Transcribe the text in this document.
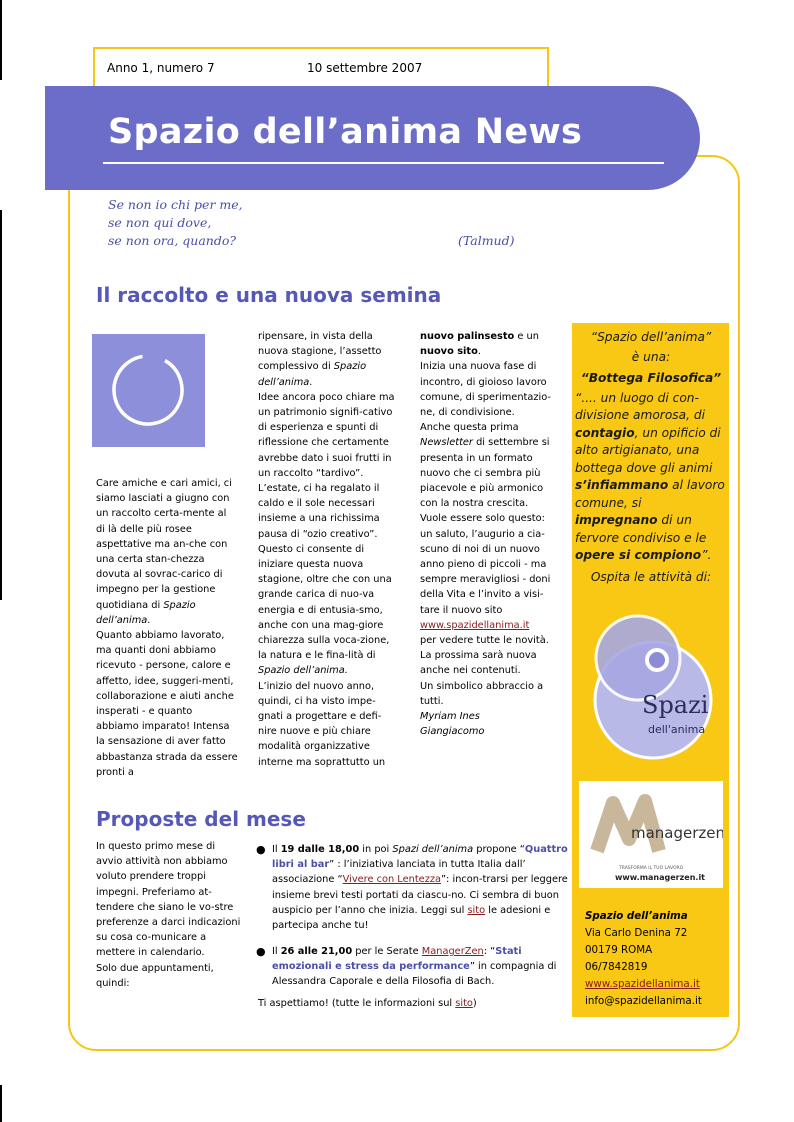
Anno 1, numero 7	10 settembre 2007
Spazio dell’anima News
Se non io chi per me,
se non qui dove,
se non ora, quando?	(Talmud)
Il raccolto e una nuova semina

Care amiche e cari amici, ci siamo lasciati a giugno con un raccolto certa-mente al di là delle più rosee aspettative ma an-che con una certa stan-chezza dovuta al sovrac-carico di impegno per la gestione quotidiana di Spazio dell’anima.

Quanto abbiamo lavorato, ma quanti doni abbiamo ricevuto - persone, calore e affetto, idee, suggeri-menti, collaborazione e aiuti anche insperati - e quanto abbiamo imparato! Intensa la sensazione di aver fatto abbastanza strada da essere pronti a

ripensare, in vista della nuova stagione, l’assetto complessivo di Spazio dell’anima.

Idee ancora poco chiare ma un patrimonio signifi-cativo di esperienza e spunti di riflessione che certamente avrebbe dato i suoi frutti in un raccolto “tardivo”.

L’estate, ci ha regalato il caldo e il sole necessari insieme a una richissima pausa di “ozio creativo”. Questo ci consente di iniziare questa nuova stagione, oltre che con una grande carica di nuo-va energia e di entusia-smo, anche con una mag-giore chiarezza sulla voca-zione, la natura e le fina-lità di Spazio dell’anima.

L’inizio del nuovo anno, quindi, ci ha visto impe-gnati a progettare e defi-nire nuove e più chiare modalità organizzative interne ma soprattutto un

nuovo palinsesto e un nuovo sito.

Inizia una nuova fase di incontro, di gioioso lavoro comune, di sperimentazio-ne, di condivisione.

Anche questa prima Newsletter di settembre si presenta in un formato nuovo che ci sembra più piacevole e più armonico con la nostra crescita.

Vuole essere solo questo: un saluto, l’augurio a cia-scuno di noi di un nuovo anno pieno di piccoli - ma sempre meravigliosi - doni della Vita e l’invito a visi-tare il nuovo sito

www.spazidellanima.it

per vedere tutte le novità.

La prossima sarà nuova anche nei contenuti.

Un simbolico abbraccio a tutti.

Myriam Ines

Giangiacomo

“Spazio dell’anima”

è una:

“Bottega Filosofica”

“.... un luogo di con-divisione amorosa, di contagio, un opificio di alto artigianato, una bottega dove gli animi s’infiammano al lavoro comune, si impregnano di un fervore condiviso e le opere si compiono”.

Ospita le attività di:

Spazi
dell'anima
managerzen
TRASFORMA IL TUO LAVORO
www.managerzen.it

Spazio dell’anima

Via Carlo Denina 72

00179 ROMA

06/7842819

www.spazidellanima.it

info@spazidellanima.it

Proposte del mese

In questo primo mese di avvio attività non abbiamo voluto prendere troppi impegni. Preferiamo at-tendere che siano le vo-stre preferenze a darci indicazioni su cosa co-municare a mettere in calendario.

Solo due appuntamenti, quindi:

● Il 19 dalle 18,00 in poi Spazi dell’anima propone “Quattro libri al bar” : l’iniziativa lanciata in tutta Italia dall’ associazione “Vivere con Lentezza”: incon-trarsi per leggere insieme brevi testi portati da ciascu-no. Ci sembra di buon auspicio per l’anno che inizia. Leggi sul sito le adesioni e partecipa anche tu!
● Il 26 alle 21,00 per le Serate ManagerZen: “Stati emozionali e stress da performance” in compagnia di Alessandra Caporale e della Filosofia di Bach.
Ti aspettiamo! (tutte le informazioni sul sito)
